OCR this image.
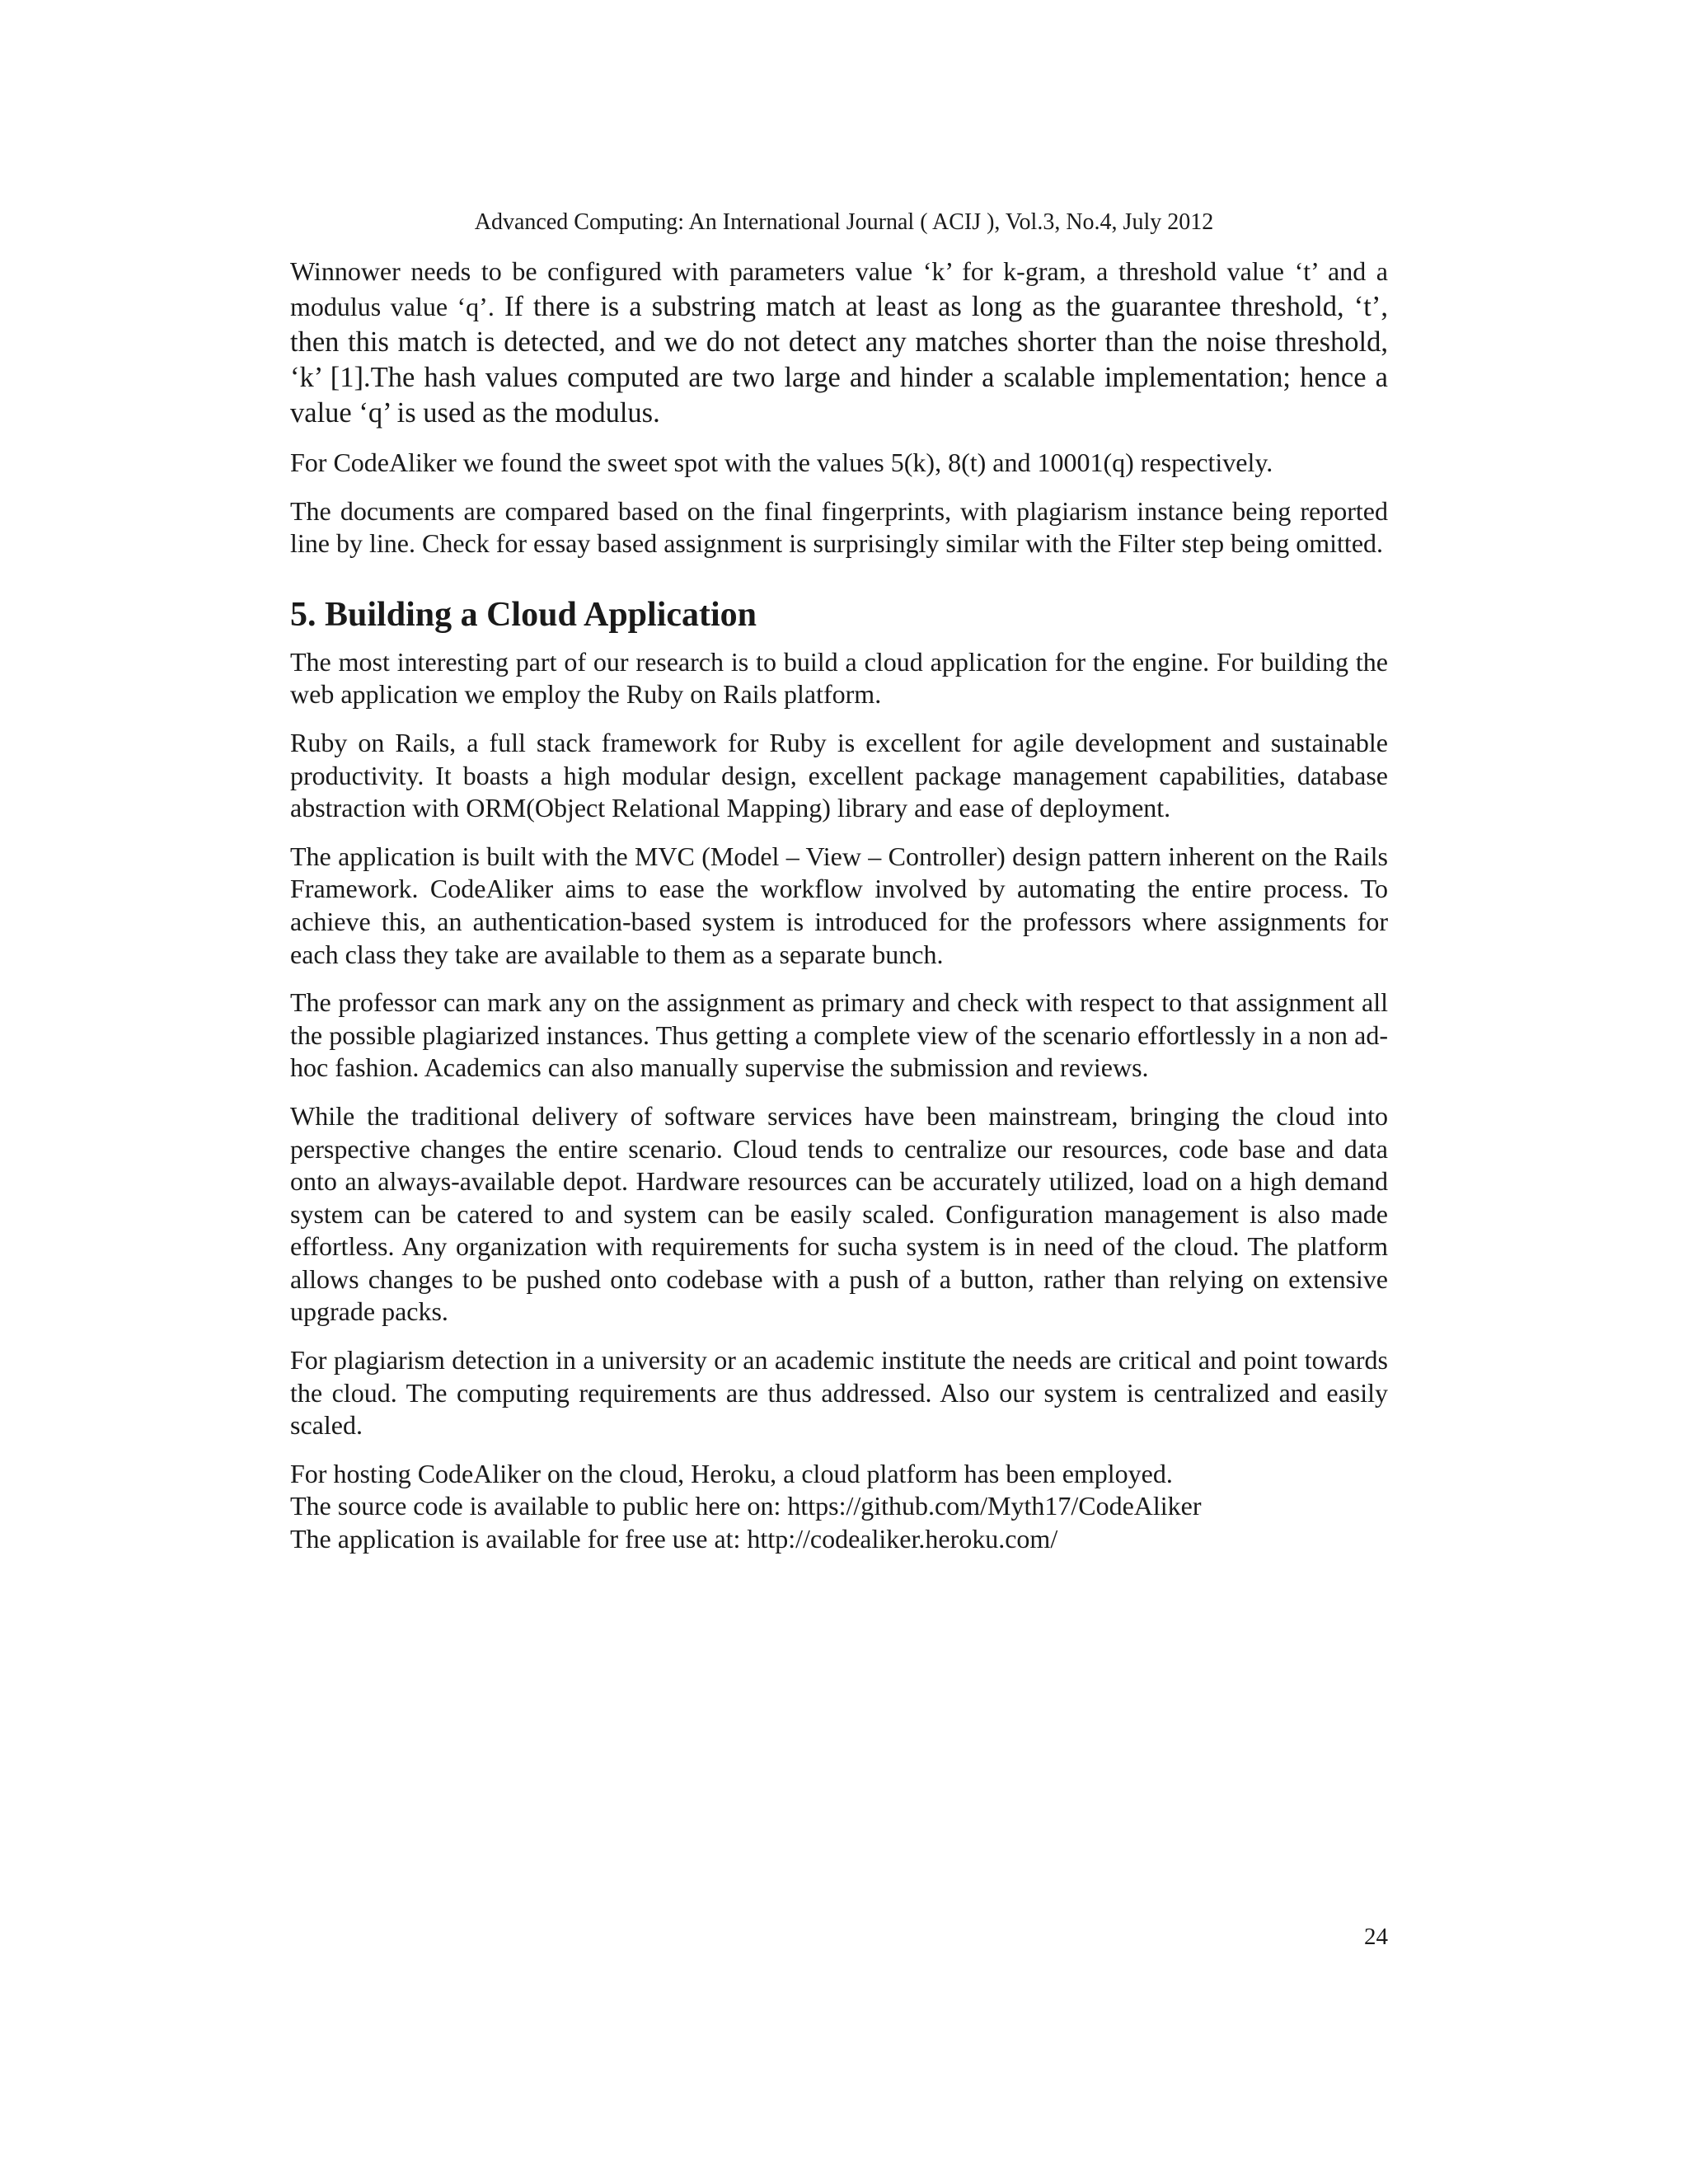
Advanced Computing: An International Journal ( ACIJ ), Vol.3, No.4, July 2012

Winnower needs to be configured with parameters value ‘k’ for k-gram, a threshold value ‘t’ and a modulus value ‘q’. If there is a substring match at least as long as the guarantee threshold, ‘t’, then this match is detected, and we do not detect any matches shorter than the noise threshold, ‘k’ [1].The hash values computed are two large and hinder a scalable implementation; hence a value ‘q’ is used as the modulus.

For CodeAliker we found the sweet spot with the values 5(k), 8(t) and 10001(q) respectively.

The documents are compared based on the final fingerprints, with plagiarism instance being reported line by line. Check for essay based assignment is surprisingly similar with the Filter step being omitted.

5. Building a Cloud Application

The most interesting part of our research is to build a cloud application for the engine. For building the web application we employ the Ruby on Rails platform.

Ruby on Rails, a full stack framework for Ruby is excellent for agile development and sustainable productivity. It boasts a high modular design, excellent package management capabilities, database abstraction with ORM(Object Relational Mapping) library and ease of deployment.

The application is built with the MVC (Model – View – Controller) design pattern inherent on the Rails Framework. CodeAliker aims to ease the workflow involved by automating the entire process. To achieve this, an authentication-based system is introduced for the professors where assignments for each class they take are available to them as a separate bunch.

The professor can mark any on the assignment as primary and check with respect to that assignment all the possible plagiarized instances. Thus getting a complete view of the scenario effortlessly in a non ad-hoc fashion. Academics can also manually supervise the submission and reviews.

While the traditional delivery of software services have been mainstream, bringing the cloud into perspective changes the entire scenario. Cloud tends to centralize our resources, code base and data onto an always-available depot. Hardware resources can be accurately utilized, load on a high demand system can be catered to and system can be easily scaled. Configuration management is also made effortless. Any organization with requirements for sucha system is in need of the cloud. The platform allows changes to be pushed onto codebase with a push of a button, rather than relying on extensive upgrade packs.

For plagiarism detection in a university or an academic institute the needs are critical and point towards the cloud. The computing requirements are thus addressed. Also our system is centralized and easily scaled.

For hosting CodeAliker on the cloud, Heroku, a cloud platform has been employed.
The source code is available to public here on: https://github.com/Myth17/CodeAliker
The application is available for free use at: http://codealiker.heroku.com/
24
